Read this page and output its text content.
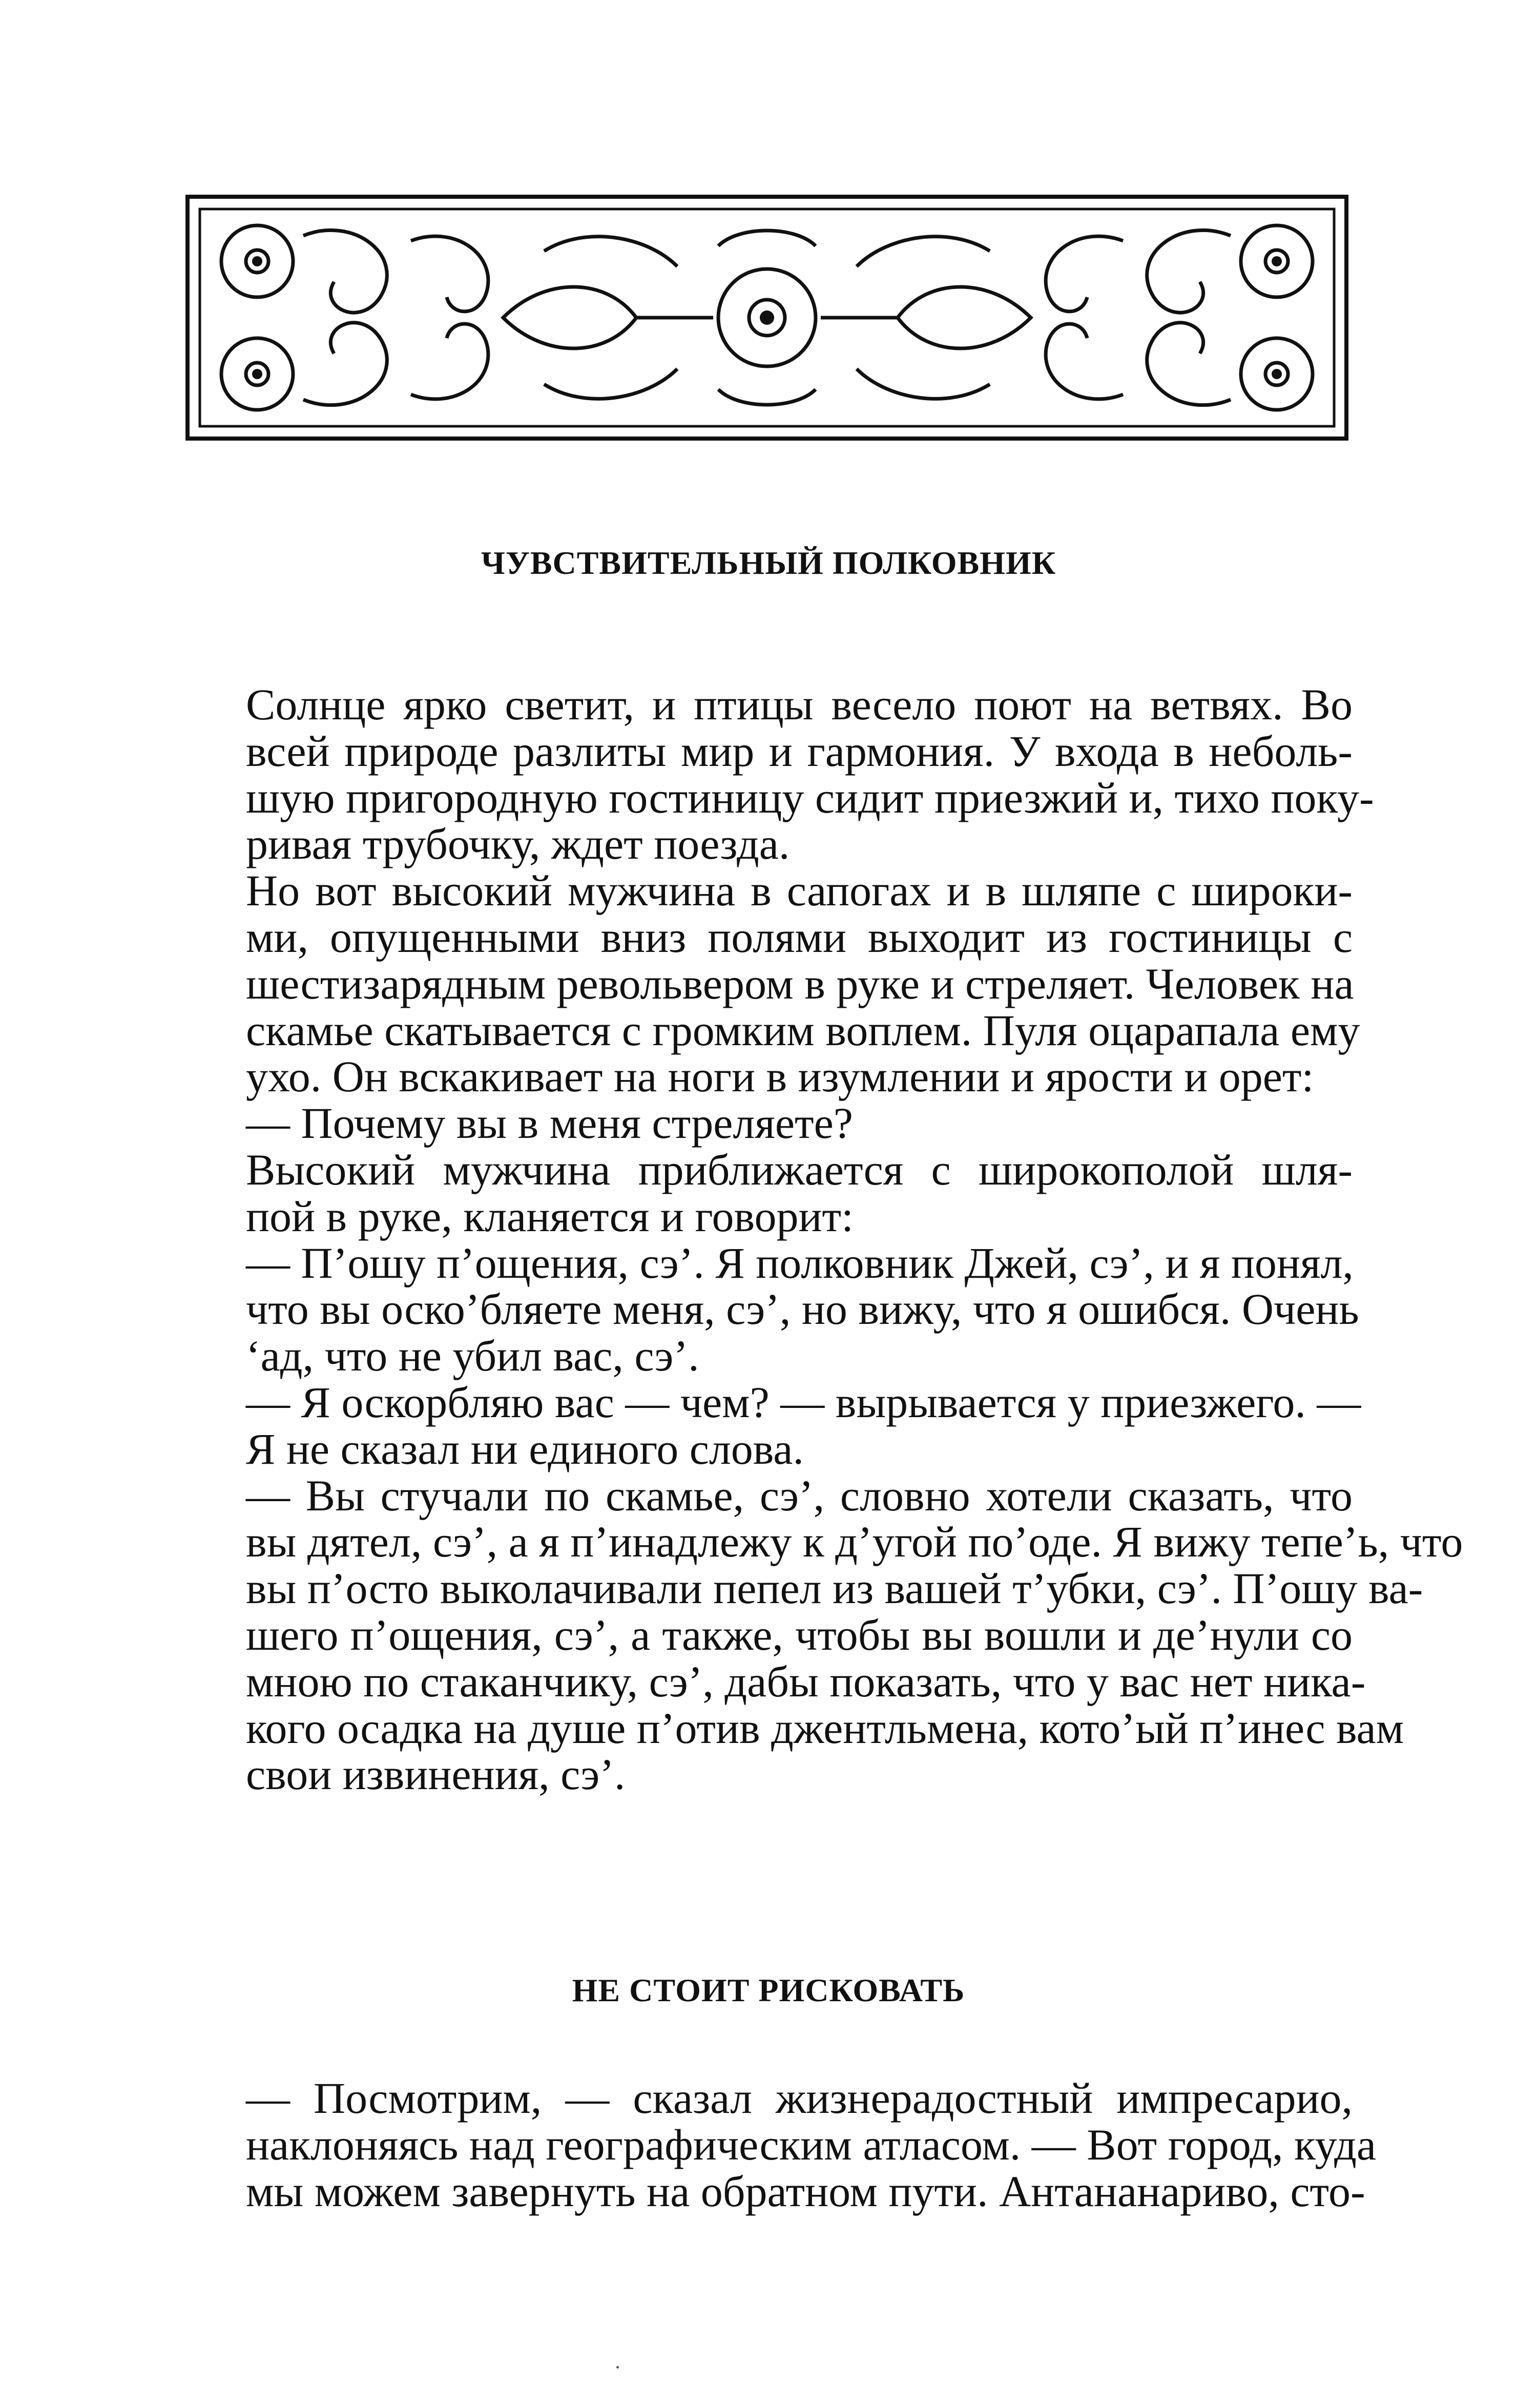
ЧУВСТВИТЕЛЬНЫЙ ПОЛКОВНИК
Солнце ярко светит, и птицы весело поют на ветвях. Во
всей природе разлиты мир и гармония. У входа в неболь-
шую пригородную гостиницу сидит приезжий и, тихо поку-
ривая трубочку, ждет поезда.
Но вот высокий мужчина в сапогах и в шляпе с широки-
ми, опущенными вниз полями выходит из гостиницы с
шестизарядным револьвером в руке и стреляет. Человек на
скамье скатывается с громким воплем. Пуля оцарапала ему
ухо. Он вскакивает на ноги в изумлении и ярости и орет:
— Почему вы в меня стреляете?
Высокий мужчина приближается с широкополой шля-
пой в руке, кланяется и говорит:
— П’ошу п’ощения, сэ’. Я полковник Джей, сэ’, и я понял,
что вы оско’бляете меня, сэ’, но вижу, что я ошибся. Очень
‘ад, что не убил вас, сэ’.
— Я оскорбляю вас — чем? — вырывается у приезжего. —
Я не сказал ни единого слова.
— Вы стучали по скамье, сэ’, словно хотели сказать, что
вы дятел, сэ’, а я п’инадлежу к д’угой по’оде. Я вижу тепе’ь, что
вы п’осто выколачивали пепел из вашей т’убки, сэ’. П’ошу ва-
шего п’ощения, сэ’, а также, чтобы вы вошли и де’нули со
мною по стаканчику, сэ’, дабы показать, что у вас нет ника-
кого осадка на душе п’отив джентльмена, кото’ый п’инес вам
свои извинения, сэ’.
НЕ СТОИТ РИСКОВАТЬ
— Посмотрим, — сказал жизнерадостный импресарио,
наклоняясь над географическим атласом. — Вот город, куда
мы можем завернуть на обратном пути. Антананариво, сто-
